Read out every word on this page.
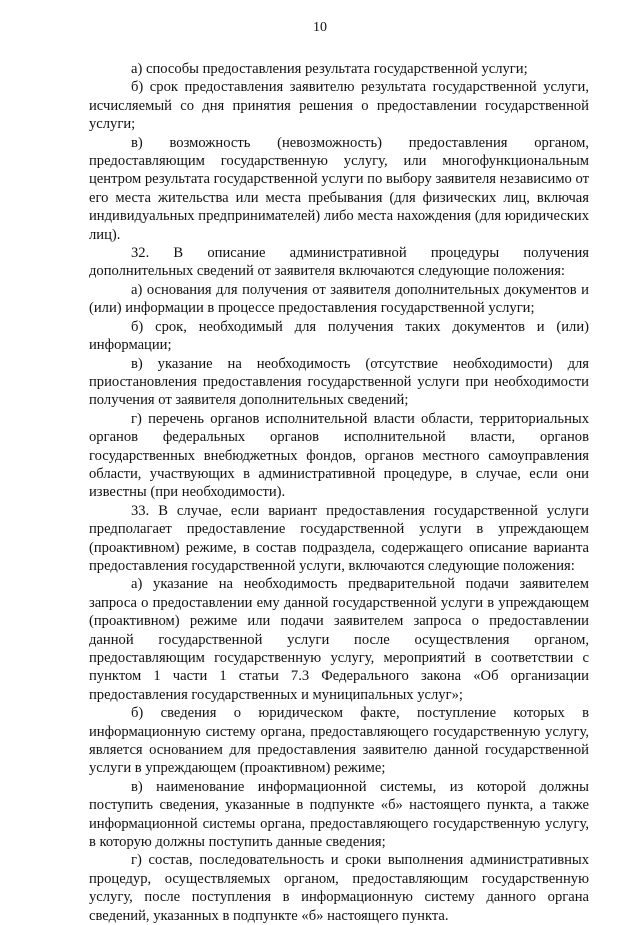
10

а) способы предоставления результата государственной услуги;

б) срок предоставления заявителю результата государственной услуги, исчисляемый со дня принятия решения о предоставлении государственной услуги;

в) возможность (невозможность) предоставления органом, предоставляющим государственную услугу, или многофункциональным центром результата государственной услуги по выбору заявителя независимо от его места жительства или места пребывания (для физических лиц, включая индивидуальных предпринимателей) либо места нахождения (для юридических лиц).

32. В описание административной процедуры получения дополнительных сведений от заявителя включаются следующие положения:

а) основания для получения от заявителя дополнительных документов и (или) информации в процессе предоставления государственной услуги;

б) срок, необходимый для получения таких документов и (или) информации;

в) указание на необходимость (отсутствие необходимости) для приостановления предоставления государственной услуги при необходимости получения от заявителя дополнительных сведений;

г) перечень органов исполнительной власти области, территориальных органов федеральных органов исполнительной власти, органов государственных внебюджетных фондов, органов местного самоуправления области, участвующих в административной процедуре, в случае, если они известны (при необходимости).

33. В случае, если вариант предоставления государственной услуги предполагает предоставление государственной услуги в упреждающем (проактивном) режиме, в состав подраздела, содержащего описание варианта предоставления государственной услуги, включаются следующие положения:

а) указание на необходимость предварительной подачи заявителем запроса о предоставлении ему данной государственной услуги в упреждающем (проактивном) режиме или подачи заявителем запроса о предоставлении данной государственной услуги после осуществления органом, предоставляющим государственную услугу, мероприятий в соответствии с пунктом 1 части 1 статьи 7.3 Федерального закона «Об организации предоставления государственных и муниципальных услуг»;

б) сведения о юридическом факте, поступление которых в информационную систему органа, предоставляющего государственную услугу, является основанием для предоставления заявителю данной государственной услуги в упреждающем (проактивном) режиме;

в) наименование информационной системы, из которой должны поступить сведения, указанные в подпункте «б» настоящего пункта, а также информационной системы органа, предоставляющего государственную услугу, в которую должны поступить данные сведения;

г) состав, последовательность и сроки выполнения административных процедур, осуществляемых органом, предоставляющим государственную услугу, после поступления в информационную систему данного органа сведений, указанных в подпункте «б» настоящего пункта.
